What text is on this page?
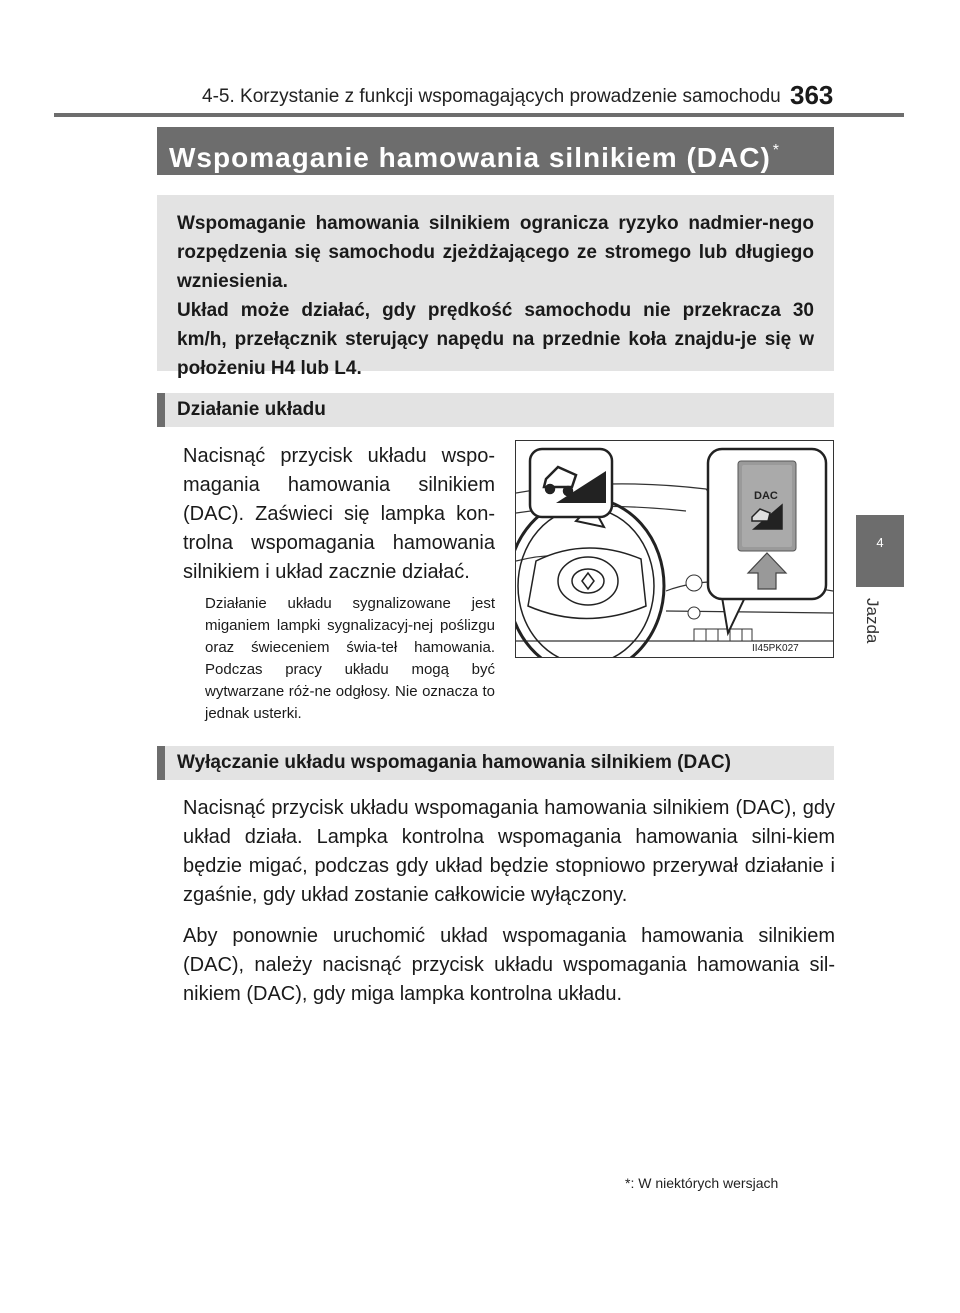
4-5. Korzystanie z funkcji wspomagających prowadzenie samochodu 363
4
Jazda
Wspomaganie hamowania silnikiem (DAC) *

Wspomaganie hamowania silnikiem ogranicza ryzyko nadmier-nego rozpędzenia się samochodu zjeżdżającego ze stromego lub długiego wzniesienia.

Układ może działać, gdy prędkość samochodu nie przekracza 30 km/h, przełącznik sterujący napędu na przednie koła znajdu-je się w położeniu H4 lub L4.

Działanie układu

Nacisnąć przycisk układu wspo-magania hamowania silnikiem (DAC). Zaświeci się lampka kon-trolna wspomagania hamowania silnikiem i układ zacznie działać.

Działanie układu sygnalizowane jest miganiem lampki sygnalizacyj-nej poślizgu oraz świeceniem świa-teł hamowania. Podczas pracy układu mogą być wytwarzane róż-ne odgłosy. Nie oznacza to jednak usterki.

DAC
II45PK027
Wyłączanie układu wspomagania hamowania silnikiem (DAC)

Nacisnąć przycisk układu wspomagania hamowania silnikiem (DAC), gdy układ działa. Lampka kontrolna wspomagania hamowania silni-kiem będzie migać, podczas gdy układ będzie stopniowo przerywał działanie i zgaśnie, gdy układ zostanie całkowicie wyłączony.

Aby ponownie uruchomić układ wspomagania hamowania silnikiem (DAC), należy nacisnąć przycisk układu wspomagania hamowania sil-nikiem (DAC), gdy miga lampka kontrolna układu.

*: W niektórych wersjach
